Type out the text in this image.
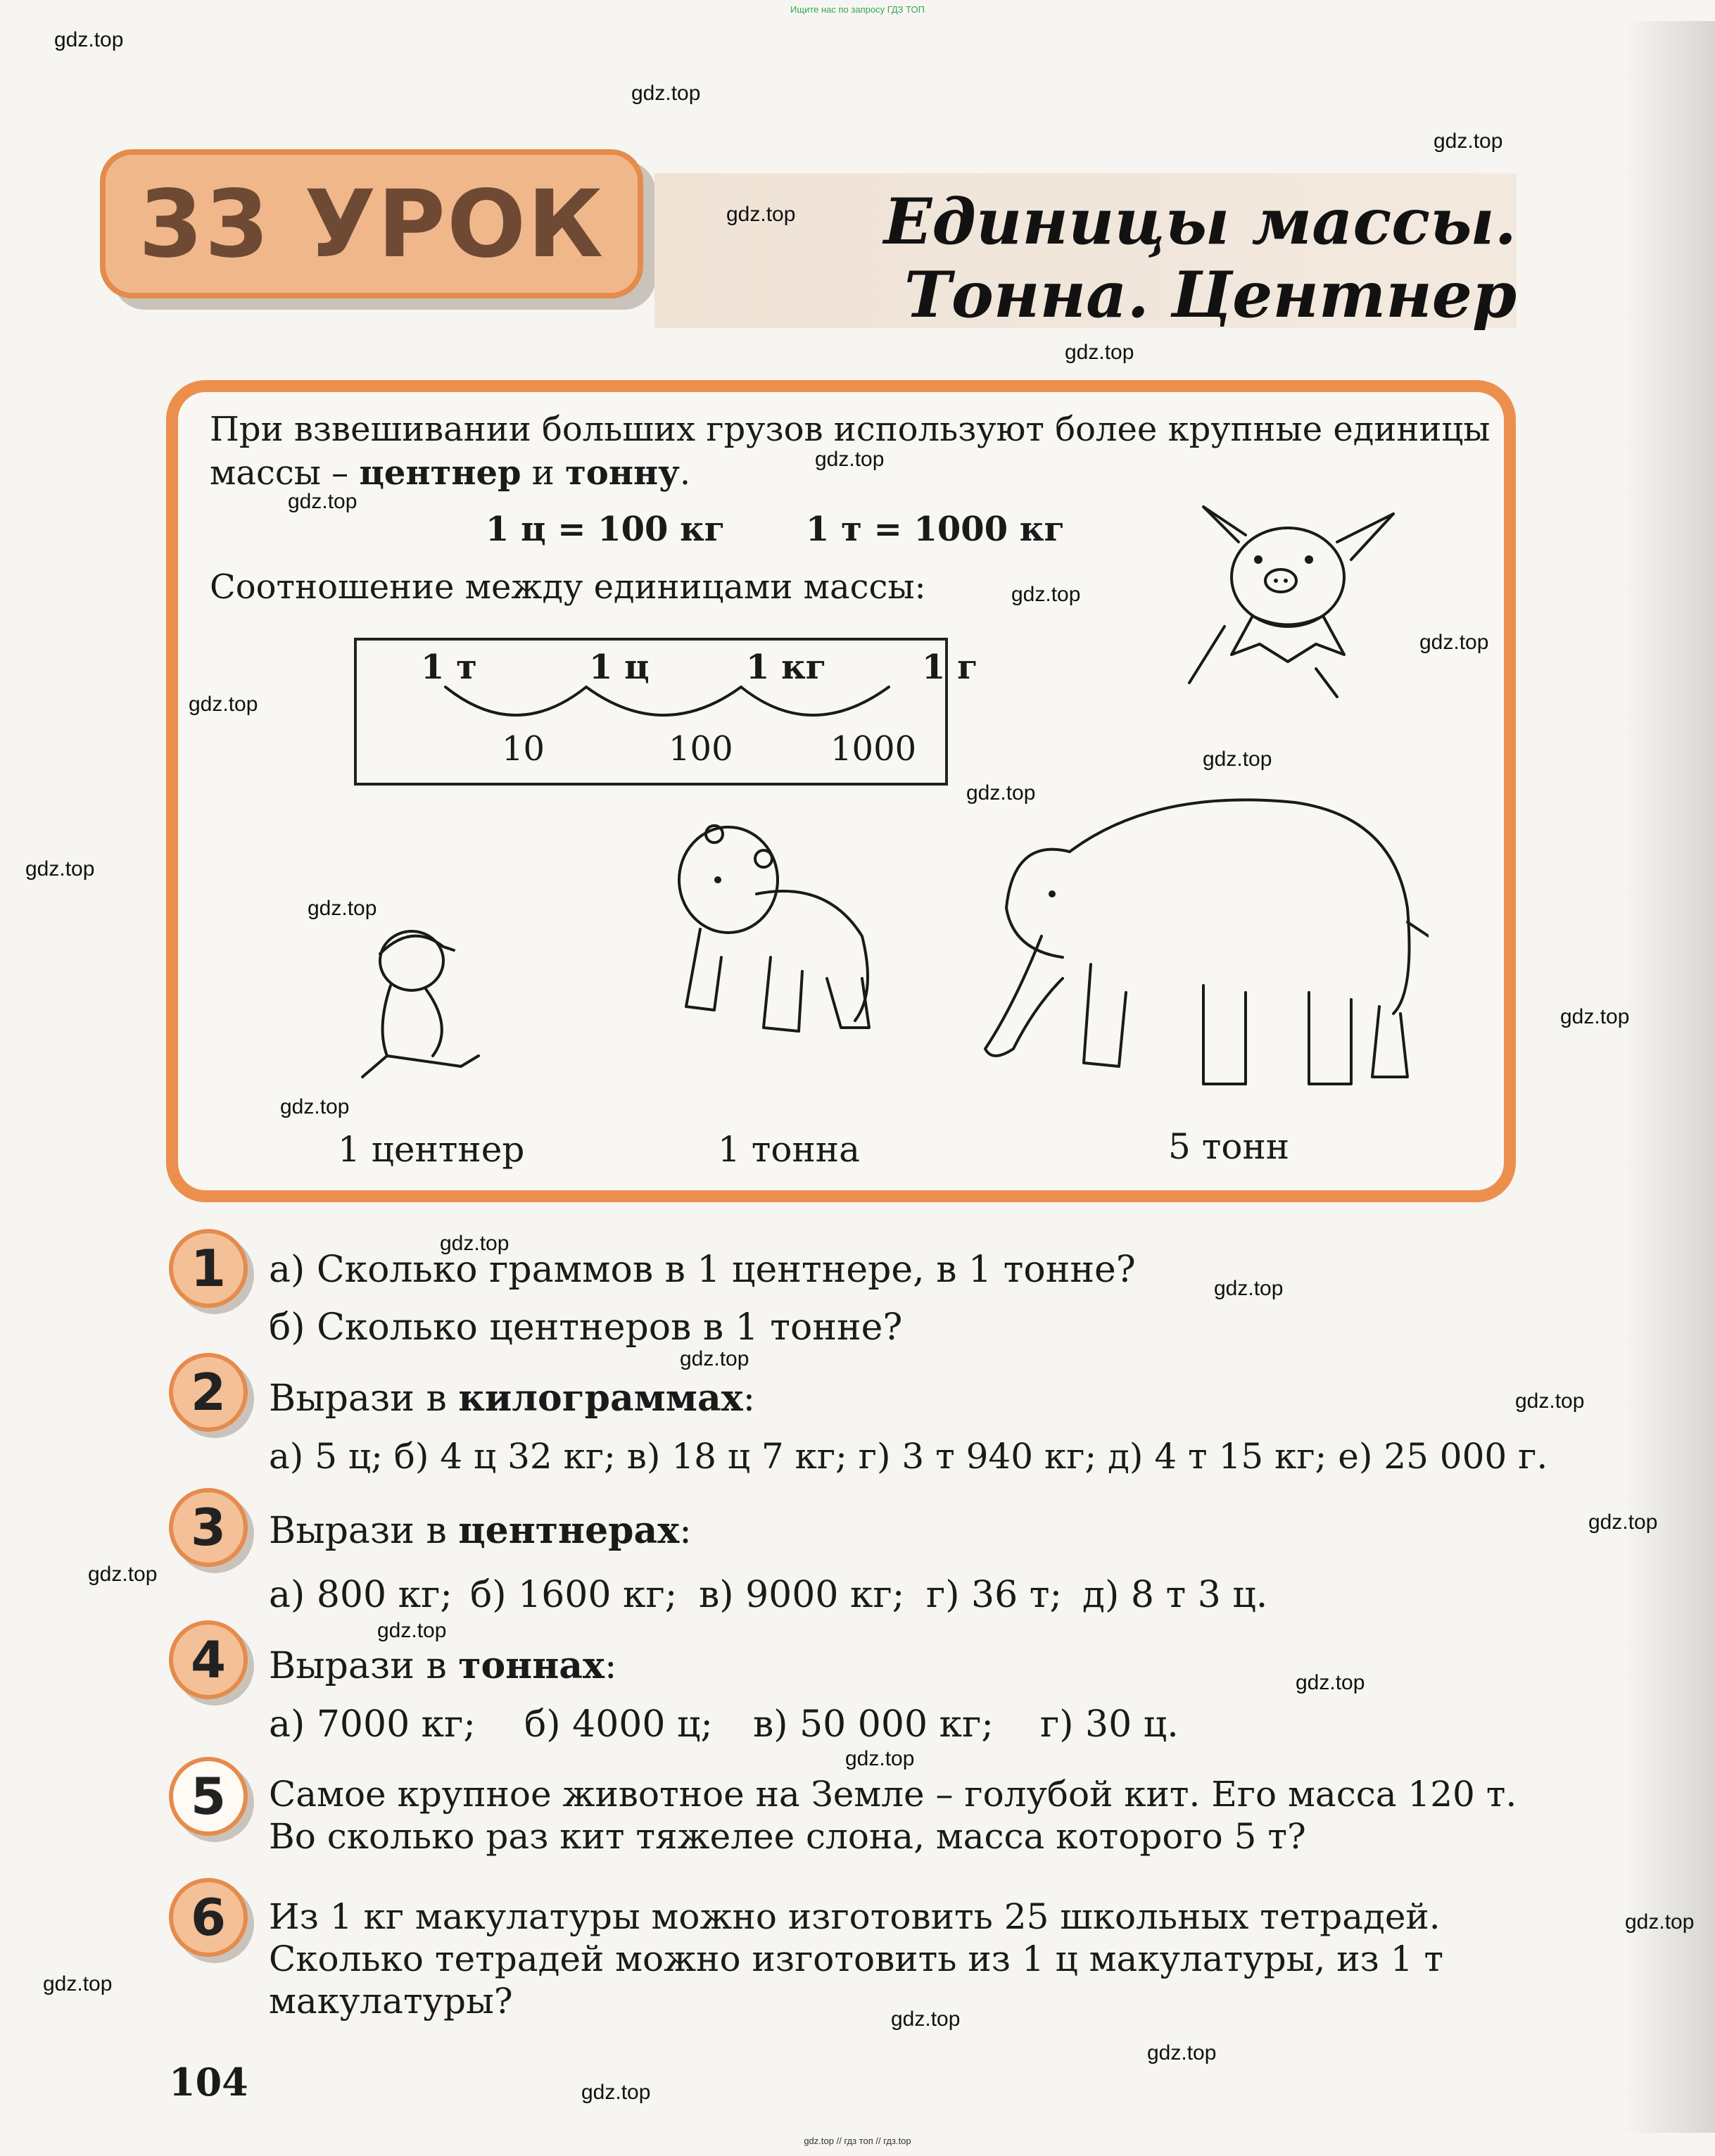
Ищите нас по запросу ГДЗ ТОП
33 УРОК	Единицы массы.
Тонна. Центнер
При взвешивании больших грузов используют более крупные единицы
массы – центнер и тонну.
1 ц = 100 кг 1 т = 1000 кг
Соотношение между единицами массы:
1 т	1 ц	1 кг	1 г
10	100	1000
1 центнер	1 тонна	5 тонн
1	а) Сколько граммов в 1 центнере, в 1 тонне?
б) Сколько центнеров в 1 тонне?
2	Вырази в килограммах:
а) 5 ц; б) 4 ц 32 кг; в) 18 ц 7 кг; г) 3 т 940 кг; д) 4 т 15 кг; е) 25 000 г.
3	Вырази в центнерах:
а) 800 кг; б) 1600 кг; в) 9000 кг; г) 36 т; д) 8 т 3 ц.
4	Вырази в тоннах:
а) 7000 кг; б) 4000 ц; в) 50 000 кг; г) 30 ц.
5	Самое крупное животное на Земле – голубой кит. Его масса 120 т.
Во сколько раз кит тяжелее слона, масса которого 5 т?
6	Из 1 кг макулатуры можно изготовить 25 школьных тетрадей.
Сколько тетрадей можно изготовить из 1 ц макулатуры, из 1 т
макулатуры?
104
gdz.top
gdz.top
gdz.top
gdz.top
gdz.top
gdz.top
gdz.top
gdz.top
gdz.top
gdz.top
gdz.top
gdz.top
gdz.top
gdz.top
gdz.top
gdz.top
gdz.top
gdz.top
gdz.top
gdz.top
gdz.top
gdz.top
gdz.top
gdz.top
gdz.top
gdz.top
gdz.top
gdz.top
gdz.top
gdz.top
gdz.top // гдз топ // гдз.top
